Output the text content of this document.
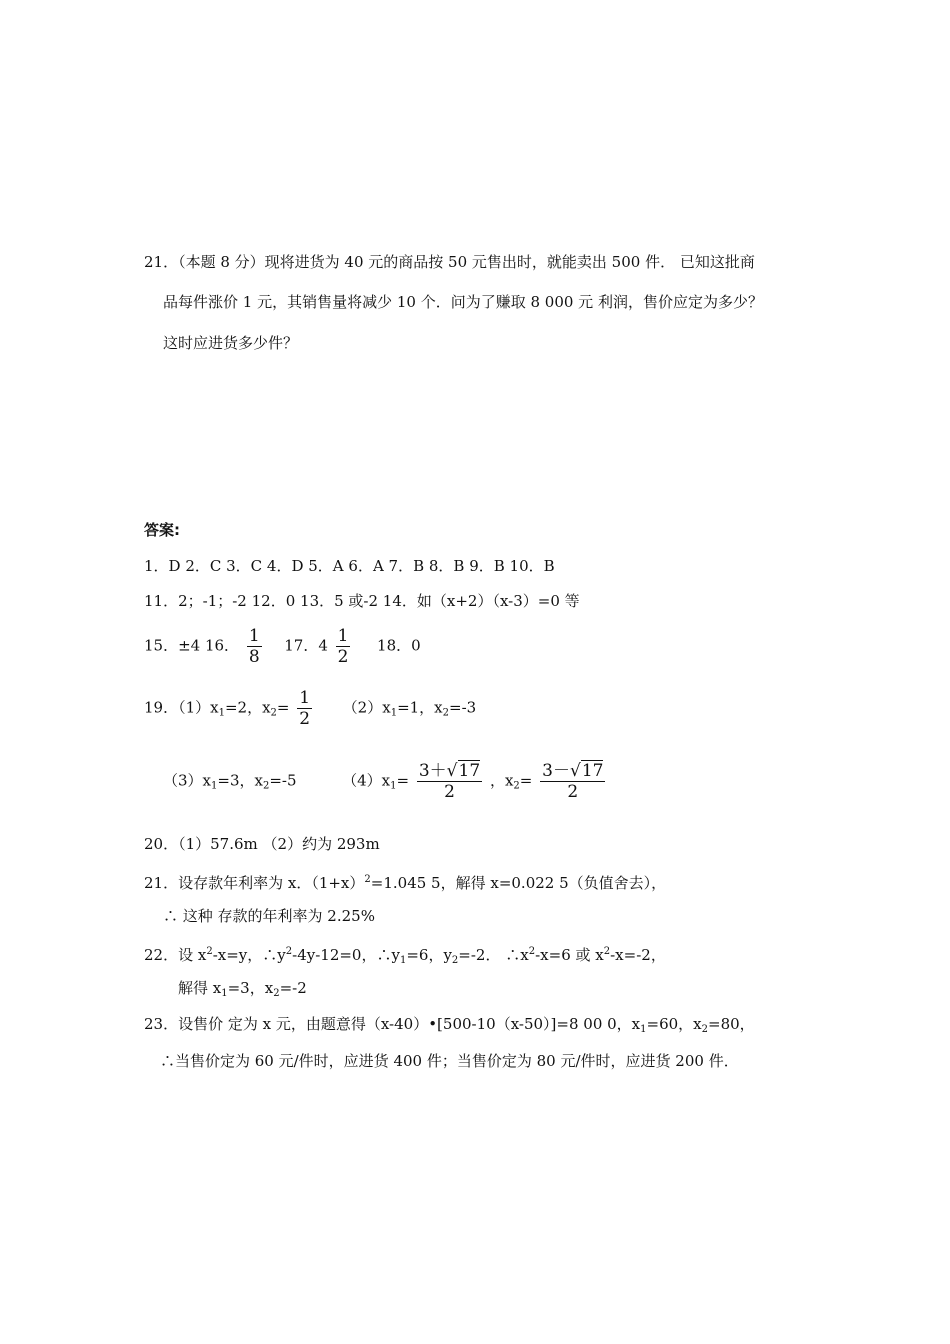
21．（本题 8 分）现将进货为 40 元的商品按 50 元售出时，就能卖出 500 件． 已知这批商
品每件涨价 1 元，其销售量将减少 10 个．问为了赚取 8 000 元 利润，售价应定为多少？
这时应进货多少件？
答案:
1．D 2．C 3．C 4．D 5．A 6．A 7．B 8．B 9．B 10．B
11．2；-1；-2 12．0 13．5 或-2 14．如（x+2）（x-3）=0 等
15．±4 16． $\frac{1}{8} 17$．$4 \frac{1}{2} 18$．0
19．$(1)x_1=2$，$x_2= \frac{1}{2} (2)x_1=1$，$x_2=-3$
$(3)x_1=3$，$x_2=-5$	$(4)x_1= \frac{3+√17}{2}$ ，$x_2= \frac{3-√17}{2}$
20．（1）57.6m （2）约为 293m
21．设存款年利率为 x．$(1+x)^2=1.045$ 5，解得 x=0.022 5（负值舍去），
∴ 这种 存款的年利率为 2.25%
22．设 $x^2-x=y$，$\therefore y^2-4y-12=0$，$\therefore y_1=6$，$y_2=-2$． $\therefore x^2-x=6$ 或 $x^2-x=-2$，
解得 $x_1=3$，$x_2=-2$
23．设售价 定为 x 元，由题意得（x-40）•[500-10（x-50）]=8 00 0，$x_1=60$，$x_2=80$，
∴当售价定为 60 元/件时，应进货 400 件；当售价定为 80 元/件时，应进货 200 件．
